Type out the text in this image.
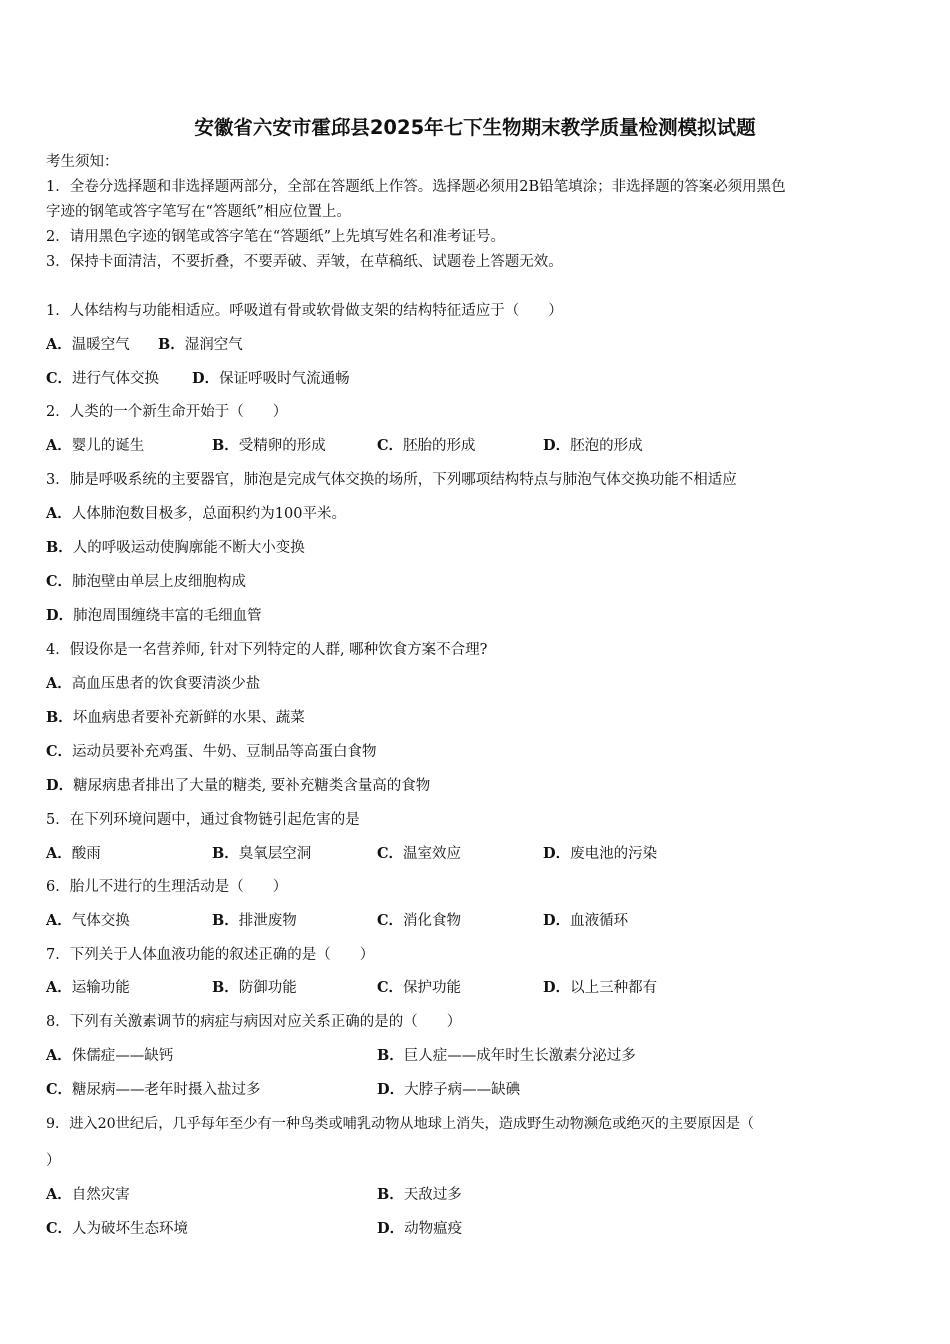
安徽省六安市霍邱县2025年七下生物期末教学质量检测模拟试题
考生须知：
1．全卷分选择题和非选择题两部分，全部在答题纸上作答。选择题必须用2B铅笔填涂；非选择题的答案必须用黑色
字迹的钢笔或答字笔写在“答题纸”相应位置上。
2．请用黑色字迹的钢笔或答字笔在“答题纸”上先填写姓名和准考证号。
3．保持卡面清洁，不要折叠，不要弄破、弄皱，在草稿纸、试题卷上答题无效。
1．人体结构与功能相适应。呼吸道有骨或软骨做支架的结构特征适应于（　　）
A．温暖空气 B．湿润空气
C．进行气体交换 D．保证呼吸时气流通畅
2．人类的一个新生命开始于（　　）
A．婴儿的诞生	B．受精卵的形成	C．胚胎的形成	D．胚泡的形成
3．肺是呼吸系统的主要器官，肺泡是完成气体交换的场所，下列哪项结构特点与肺泡气体交换功能不相适应
A．人体肺泡数目极多，总面积约为100平米。
B．人的呼吸运动使胸廓能不断大小变换
C．肺泡壁由单层上皮细胞构成
D．肺泡周围缠绕丰富的毛细血管
4．假设你是一名营养师, 针对下列特定的人群, 哪种饮食方案不合理?
A．高血压患者的饮食要清淡少盐
B．坏血病患者要补充新鲜的水果、蔬菜
C．运动员要补充鸡蛋、牛奶、豆制品等高蛋白食物
D．糖尿病患者排出了大量的糖类, 要补充糖类含量高的食物
5．在下列环境问题中，通过食物链引起危害的是
A．酸雨	B．臭氧层空洞	C．温室效应	D．废电池的污染
6．胎儿不进行的生理活动是（　　）
A．气体交换	B．排泄废物	C．消化食物	D．血液循环
7．下列关于人体血液功能的叙述正确的是（　　）
A．运输功能	B．防御功能	C．保护功能	D．以上三种都有
8．下列有关激素调节的病症与病因对应关系正确的是的（　　）
A．侏儒症——缺钙	B．巨人症——成年时生长激素分泌过多
C．糖尿病——老年时摄入盐过多	D．大脖子病——缺碘
9．进入20世纪后，几乎每年至少有一种鸟类或哺乳动物从地球上消失，造成野生动物濒危或绝灭的主要原因是（
）
A．自然灾害	B．天敌过多
C．人为破坏生态环境	D．动物瘟疫
